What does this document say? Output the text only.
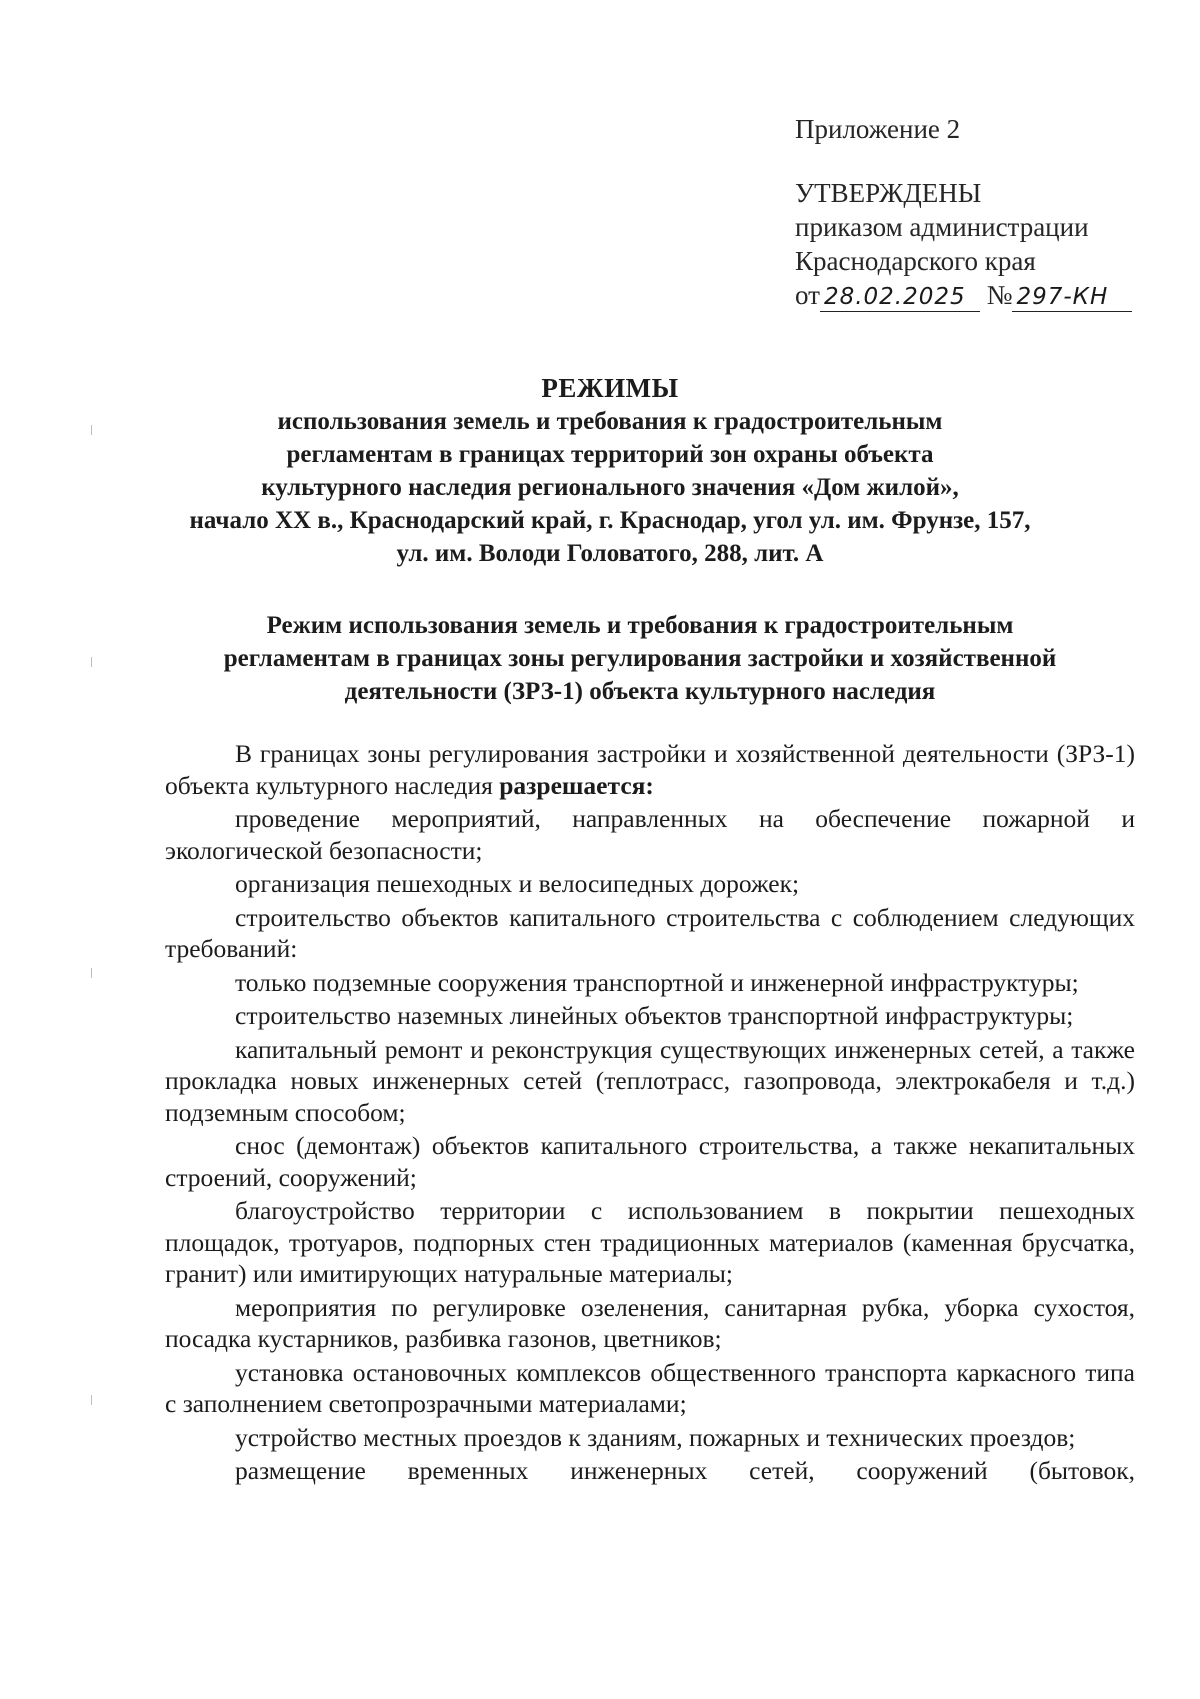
Приложение 2
УТВЕРЖДЕНЫ
приказом администрации
Краснодарского края
от 28.02.2025 № 297-КН
РЕЖИМЫ
использования земель и требования к градостроительным
регламентам в границах территорий зон охраны объекта
культурного наследия регионального значения «Дом жилой»,
начало XX в., Краснодарский край, г. Краснодар, угол ул. им. Фрунзе, 157,
ул. им. Володи Головатого, 288, лит. А
Режим использования земель и требования к градостроительным
регламентам в границах зоны регулирования застройки и хозяйственной
деятельности (ЗРЗ-1) объекта культурного наследия

В границах зоны регулирования застройки и хозяйственной деятельности (ЗРЗ-1) объекта культурного наследия разрешается:

проведение мероприятий, направленных на обеспечение пожарной и экологической безопасности;

организация пешеходных и велосипедных дорожек;

строительство объектов капитального строительства с соблюдением следующих требований:

только подземные сооружения транспортной и инженерной инфраструктуры;

строительство наземных линейных объектов транспортной инфраструктуры;

капитальный ремонт и реконструкция существующих инженерных сетей, а также прокладка новых инженерных сетей (теплотрасс, газопровода, электрокабеля и т.д.) подземным способом;

снос (демонтаж) объектов капитального строительства, а также некапитальных строений, сооружений;

благоустройство территории с использованием в покрытии пешеходных площадок, тротуаров, подпорных стен традиционных материалов (каменная брусчатка, гранит) или имитирующих натуральные материалы;

мероприятия по регулировке озеленения, санитарная рубка, уборка сухостоя, посадка кустарников, разбивка газонов, цветников;

установка остановочных комплексов общественного транспорта каркасного типа с заполнением светопрозрачными материалами;

устройство местных проездов к зданиям, пожарных и технических проездов;

размещение временных инженерных сетей, сооружений (бытовок,
